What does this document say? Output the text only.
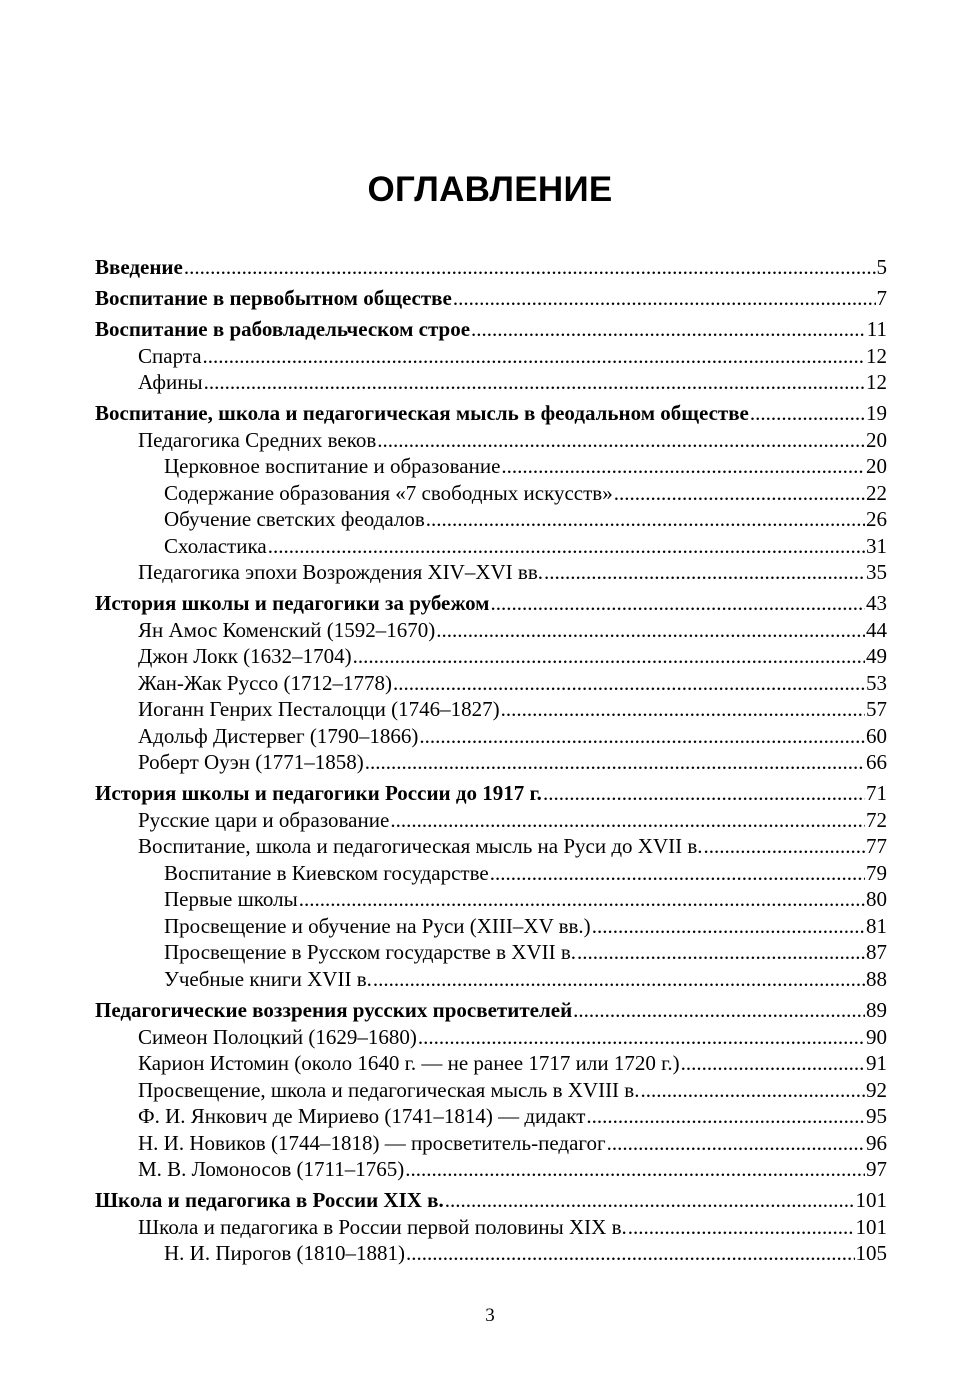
ОГЛАВЛЕНИЕ
Введение .....	5
Воспитание в первобытном обществе .....	7
Воспитание в рабовладельческом строе .....	11
Спарта .....	12
Афины .....	12
Воспитание, школа и педагогическая мысль в феодальном обществе .....	19
Педагогика Средних веков .....	20
Церковное воспитание и образование .....	20
Содержание образования «7 свободных искусств» .....	22
Обучение светских феодалов .....	26
Схоластика .....	31
Педагогика эпохи Возрождения XIV–XVI вв. .....	35
История школы и педагогики за рубежом .....	43
Ян Амос Коменский (1592–1670) .....	44
Джон Локк (1632–1704) .....	49
Жан-Жак Руссо (1712–1778) .....	53
Иоганн Генрих Песталоцци (1746–1827) .....	57
Адольф Дистервег (1790–1866) .....	60
Роберт Оуэн (1771–1858) .....	66
История школы и педагогики России до 1917 г. .....	71
Русские цари и образование .....	72
Воспитание, школа и педагогическая мысль на Руси до XVII в. .....	77
Воспитание в Киевском государстве .....	79
Первые школы .....	80
Просвещение и обучение на Руси (XIII–XV вв.) .....	81
Просвещение в Русском государстве в XVII в. .....	87
Учебные книги XVII в. .....	88
Педагогические воззрения русских просветителей .....	89
Симеон Полоцкий (1629–1680) .....	90
Карион Истомин (около 1640 г. — не ранее 1717 или 1720 г.) .....	91
Просвещение, школа и педагогическая мысль в XVIII в. .....	92
Ф. И. Янкович де Мириево (1741–1814) — дидакт .....	95
Н. И. Новиков (1744–1818) — просветитель-педагог .....	96
М. В. Ломоносов (1711–1765) .....	97
Школа и педагогика в России XIX в. .....	101
Школа и педагогика в России первой половины XIX в. .....	101
Н. И. Пирогов (1810–1881) .....	105
3
